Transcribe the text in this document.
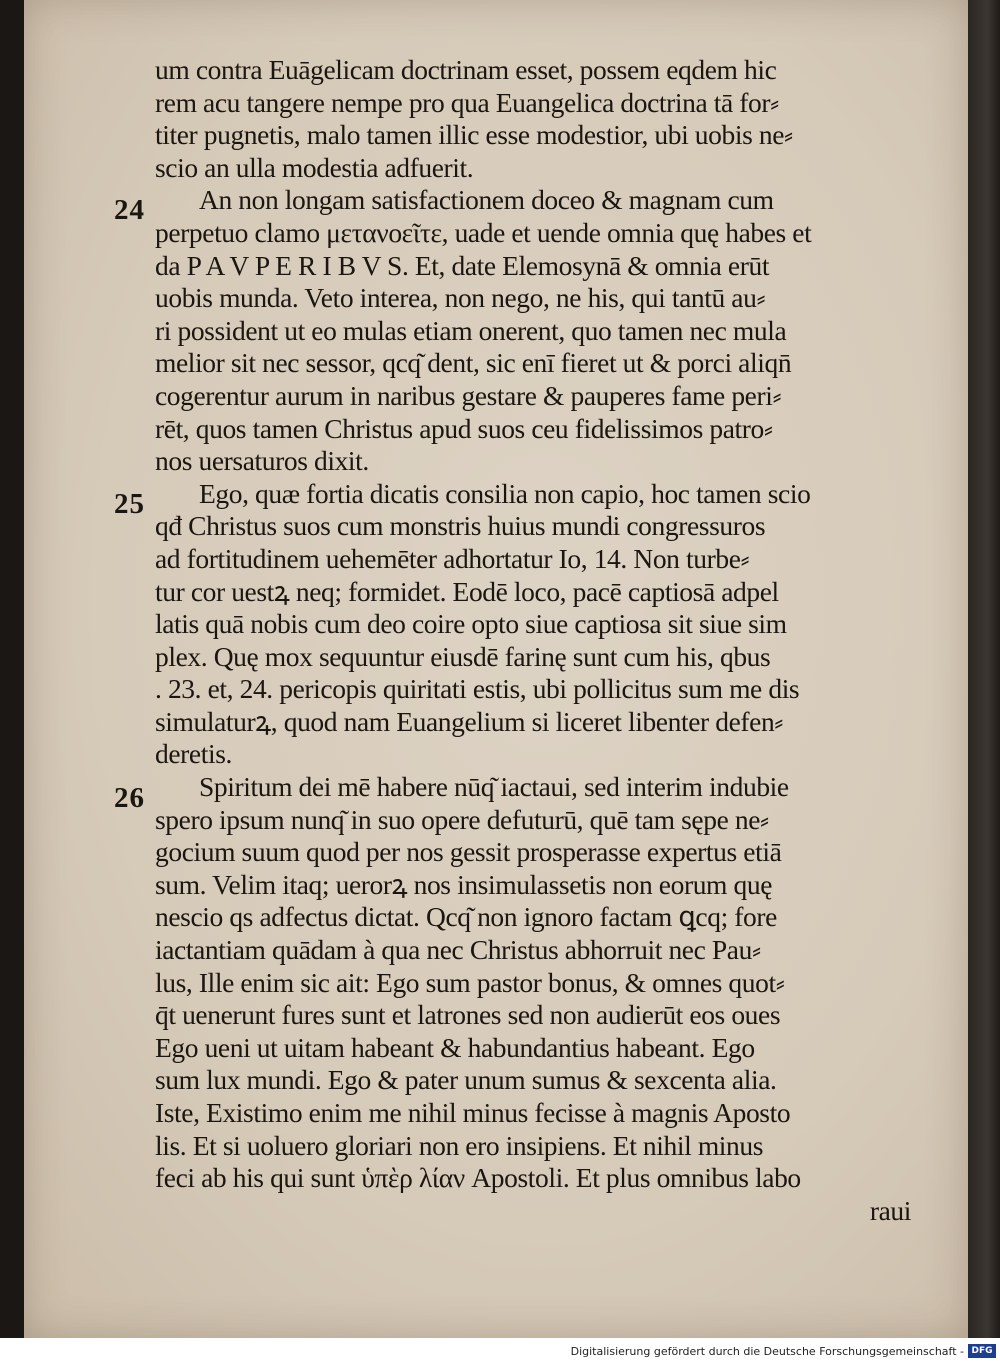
24
25
26
um contra Euāgelicam doctrinam esset, possem eqdem hic
rem acu tangere nempe pro qua Euangelica doctrina tā for⸗
titer pugnetis, malo tamen illic esse modestior, ubi uobis ne⸗
scio an ulla modestia adfuerit.
An non longam satisfactionem doceo & magnam cum
perpetuo clamo μετανοεῖτε, uade et uende omnia quę habes et
da P A V P E R I B V S. Et, date Elemosynā & omnia erūt
uobis munda. Veto interea, non nego, ne his, qui tantū au⸗
ri possident ut eo mulas etiam onerent, quo tamen nec mula
melior sit nec sessor, qcq͂ dent, sic enī fieret ut & porci aliqn̄
cogerentur aurum in naribus gestare & pauperes fame peri⸗
rēt, quos tamen Christus apud suos ceu fidelissimos patro⸗
nos uersaturos dixit.
Ego, quæ fortia dicatis consilia non capio, hoc tamen scio
qđ Christus suos cum monstris huius mundi congressuros
ad fortitudinem uehemēter adhortatur Io, 14. Non turbe⸗
tur cor uestꝝ neq; formidet. Eodē loco, pacē captiosā adpel
latis quā nobis cum deo coire opto siue captiosa sit siue sim
plex. Quę mox sequuntur eiusdē farinę sunt cum his, qbus
. 23. et, 24. pericopis quiritati estis, ubi pollicitus sum me dis
simulaturꝝ, quod nam Euangelium si liceret libenter defen⸗
deretis.
Spiritum dei mē habere nūq͂ iactaui, sed interim indubie
spero ipsum nunq͂ in suo opere defuturū, quē tam sępe ne⸗
gocium suum quod per nos gessit prosperasse expertus etiā
sum. Velim itaq; uerorꝝ nos insimulassetis non eorum quę
nescio qs adfectus dictat. Qcq͂ non ignoro factam ꝗcq; fore
iactantiam quādam à qua nec Christus abhorruit nec Pau⸗
lus, Ille enim sic ait: Ego sum pastor bonus, & omnes quot⸗
q̄t uenerunt fures sunt et latrones sed non audierūt eos oues
Ego ueni ut uitam habeant & habundantius habeant. Ego
sum lux mundi. Ego & pater unum sumus & sexcenta alia.
Iste, Existimo enim me nihil minus fecisse à magnis Aposto
lis. Et si uoluero gloriari non ero insipiens. Et nihil minus
feci ab his qui sunt ὑπὲρ λίαν Apostoli. Et plus omnibus labo
raui
Digitalisierung gefördert durch die Deutsche Forschungsgemeinschaft - DFG
